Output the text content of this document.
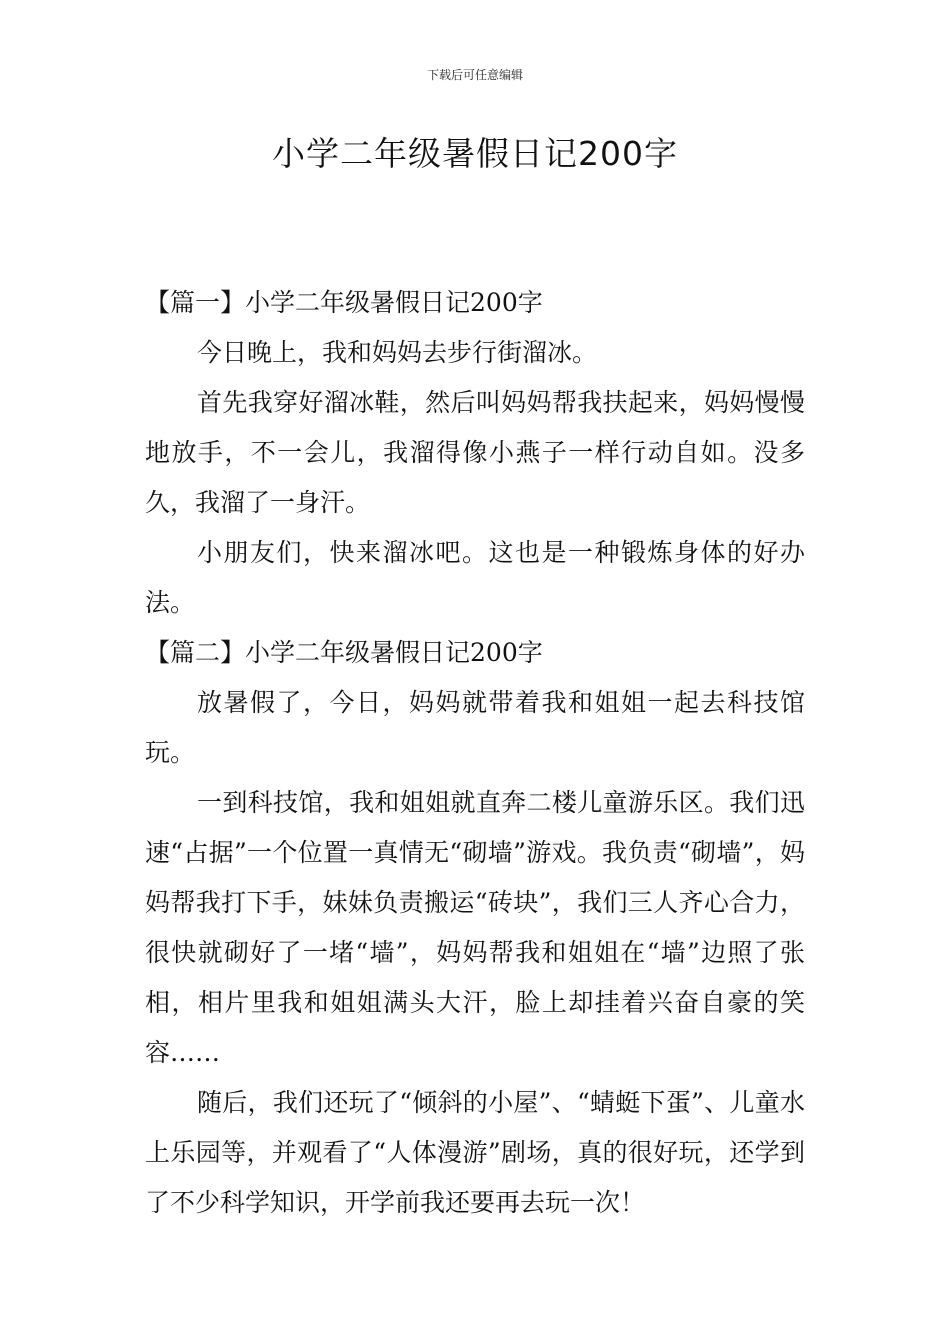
下载后可任意编辑
小学二年级暑假日记200字

【篇一】小学二年级暑假日记200字

今日晚上，我和妈妈去步行街溜冰。

首先我穿好溜冰鞋，然后叫妈妈帮我扶起来，妈妈慢慢地放手，不一会儿，我溜得像小燕子一样行动自如。没多久，我溜了一身汗。

小朋友们，快来溜冰吧。这也是一种锻炼身体的好办法。

【篇二】小学二年级暑假日记200字

放暑假了，今日，妈妈就带着我和姐姐一起去科技馆玩。

一到科技馆，我和姐姐就直奔二楼儿童游乐区。我们迅速“占据”一个位置一真情无“砌墙”游戏。我负责“砌墙”，妈妈帮我打下手，妹妹负责搬运“砖块”，我们三人齐心合力，很快就砌好了一堵“墙”，妈妈帮我和姐姐在“墙”边照了张相，相片里我和姐姐满头大汗，脸上却挂着兴奋自豪的笑容……

随后，我们还玩了“倾斜的小屋”、“蜻蜓下蛋”、儿童水上乐园等，并观看了“人体漫游”剧场，真的很好玩，还学到了不少科学知识，开学前我还要再去玩一次！
